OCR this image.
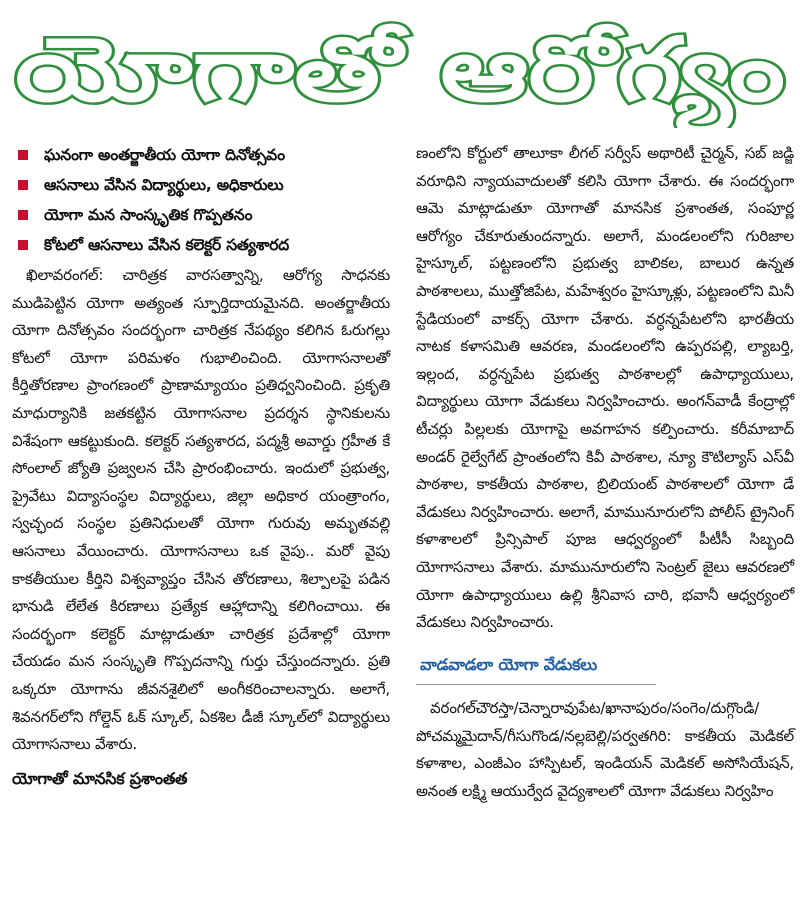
యోగాతో ఆరోగ్యం
ఘనంగా అంతర్జాతీయ యోగా దినోత్సవం
ఆసనాలు వేసిన విద్యార్థులు, అధికారులు
యోగా మన సాంస్కృతిక గొప్పతనం
కోటలో ఆసనాలు వేసిన కలెక్టర్ సత్యశారద

ఖిలావరంగల్: చారిత్రక వారసత్వాన్ని, ఆరోగ్య సాధనకు ముడిపెట్టిన యోగా అత్యంత స్ఫూర్తిదాయమైనది. అంతర్జాతీయ యోగా దినోత్సవం సందర్భంగా చారిత్రక నేపథ్యం కలిగిన ఓరుగల్లు కోటలో యోగా పరిమళం గుభాలించింది. యోగాసనాలతో కీర్తితోరణాల ప్రాంగణంలో ప్రాణామ్యాయం ప్రతిధ్వనించింది. ప్రకృతి మాధుర్యానికి జతకట్టిన యోగాసనాల ప్రదర్శన స్థానికులను విశేషంగా ఆకట్టుకుంది. కలెక్టర్ సత్యశారద, పద్మశ్రీ అవార్డు గ్రహీత కే సోంలాల్ జ్యోతి ప్రజ్వలన చేసి ప్రారంభించారు. ఇందులో ప్రభుత్వ, ప్రైవేటు విద్యాసంస్థల విద్యార్థులు, జిల్లా అధికార యంత్రాంగం, స్వచ్ఛంద సంస్థల ప్రతినిధులతో యోగా గురువు అమృతవల్లి ఆసనాలు వేయించారు. యోగాసనాలు ఒక వైపు.. మరో వైపు కాకతీయుల కీర్తిని విశ్వవ్యాప్తం చేసిన తోరణాలు, శిల్పాలపై పడిన భానుడి లేలేత కిరణాలు ప్రత్యేక ఆహ్లాదాన్ని కలిగించాయి. ఈ సందర్భంగా కలెక్టర్ మాట్లాడుతూ చారిత్రక ప్రదేశాల్లో యోగా చేయడం మన సంస్కృతి గొప్పదనాన్ని గుర్తు చేస్తుందన్నారు. ప్రతి ఒక్కరూ యోగాను జీవనశైలిలో అంగీకరించాలన్నారు. అలాగే, శివనగర్‌లోని గోల్డెన్ ఓక్ స్కూల్, ఏకశిల డీజీ స్కూల్‌లో విద్యార్థులు యోగాసనాలు వేశారు.

యోగాతో మానసిక ప్రశాంతత

ణంలోని కోర్టులో తాలూకా లీగల్ సర్వీస్ అథారిటీ చైర్మన్, సబ్ జడ్జి వరూధిని న్యాయవాదులతో కలిసి యోగా చేశారు. ఈ సందర్భంగా ఆమె మాట్లాడుతూ యోగాతో మానసిక ప్రశాంతత, సంపూర్ణ ఆరోగ్యం చేకూరుతుందన్నారు. అలాగే, మండలంలోని గురిజాల హైస్కూల్, పట్టణంలోని ప్రభుత్వ బాలికల, బాలుర ఉన్నత పాఠశాలలు, ముత్తోజిపేట, మహేశ్వరం హైస్కూళ్లు, పట్టణంలోని మినీ స్టేడియంలో వాకర్స్ యోగా చేశారు. వర్ధన్నపేటలోని భారతీయ నాటక కళాసమితి ఆవరణ, మండలంలోని ఉప్పరపల్లి, ల్యాబర్తి, ఇల్లంద, వర్ధన్నపేట ప్రభుత్వ పాఠశాలల్లో ఉపాధ్యాయులు, విద్యార్థులు యోగా వేడుకలు నిర్వహించారు. అంగన్‌వాడీ కేంద్రాల్లో టీచర్లు పిల్లలకు యోగాపై అవగాహన కల్పించారు. కరీమాబాద్ అండర్ రైల్వేగేట్ ప్రాంతంలోని కివీ పాఠశాల, న్యూ కౌటిల్యాస్ ఎస్‌వీ పాఠశాల, కాకతీయ పాఠశాల, బ్రిలియంట్ పాఠశాలలో యోగా డే వేడుకలు నిర్వహించారు. అలాగే, మామునూరులోని పోలీస్ ట్రైనింగ్ కళాశాలలో ప్రిన్సిపాల్ పూజ ఆధ్వర్యంలో పీటీసీ సిబ్బంది యోగాసనాలు వేశారు. మామునూరులోని సెంట్రల్ జైలు ఆవరణలో యోగా ఉపాధ్యాయులు ఉల్లి శ్రీనివాస చారి, భవానీ ఆధ్వర్యంలో వేడుకలు నిర్వహించారు.

వాడవాడలా యోగా వేడుకలు

వరంగల్‌చౌరస్తా/చెన్నారావుపేట/ఖానాపురం/సంగెం/దుగ్గొండి/పోచమ్మమైదాన్/గీసుగొండ/నల్లబెల్లి/పర్వతగిరి: కాకతీయ మెడికల్ కళాశాల, ఎంజీఎం హాస్పిటల్, ఇండియన్ మెడికల్ అసోసియేషన్, అనంత లక్ష్మి ఆయుర్వేద వైద్యశాలలో యోగా వేడుకలు నిర్వహిం
